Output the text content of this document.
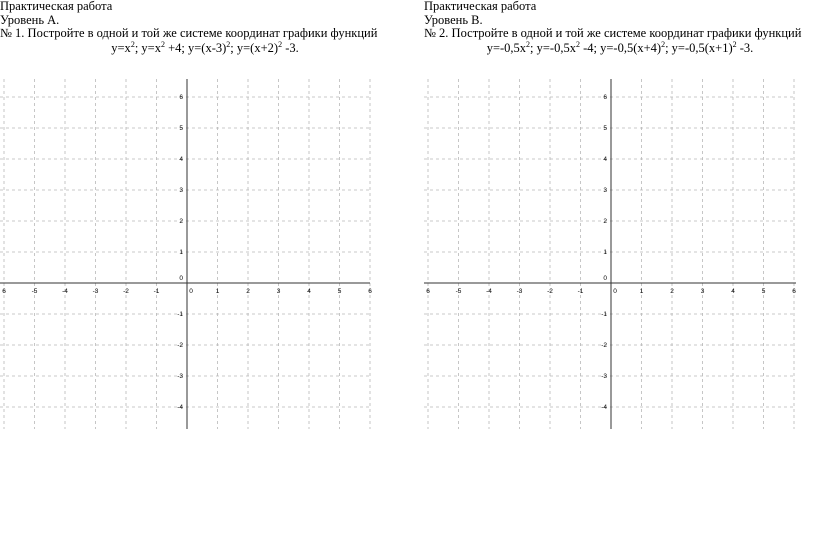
Практическая работа

Уровень А.

№ 1. Постройте в одной и той же системе координат графики функций

$y=x^2$; $y=x^2 +4$; $y=(x-3)^2$; $y=(x+2)^2$ -3.

Практическая работа

Уровень В.

№ 2. Постройте в одной и той же системе координат графики функций

$y=-0,5x^2$; $y=-0,5x^2$ -4; $y=-0,5(x+4)^2$; $y=-0,5(x+1)^2$ -3.

6	-5	-4	-3	-2	-1	0	1	2	3	4	5	6
6
5
4
3
2
1
0
-1
-2
-3
-4
6	-5	-4	-3	-2	-1	0	1	2	3	4	5	6
6
5
4
3
2
1
0
-1
-2
-3
-4
